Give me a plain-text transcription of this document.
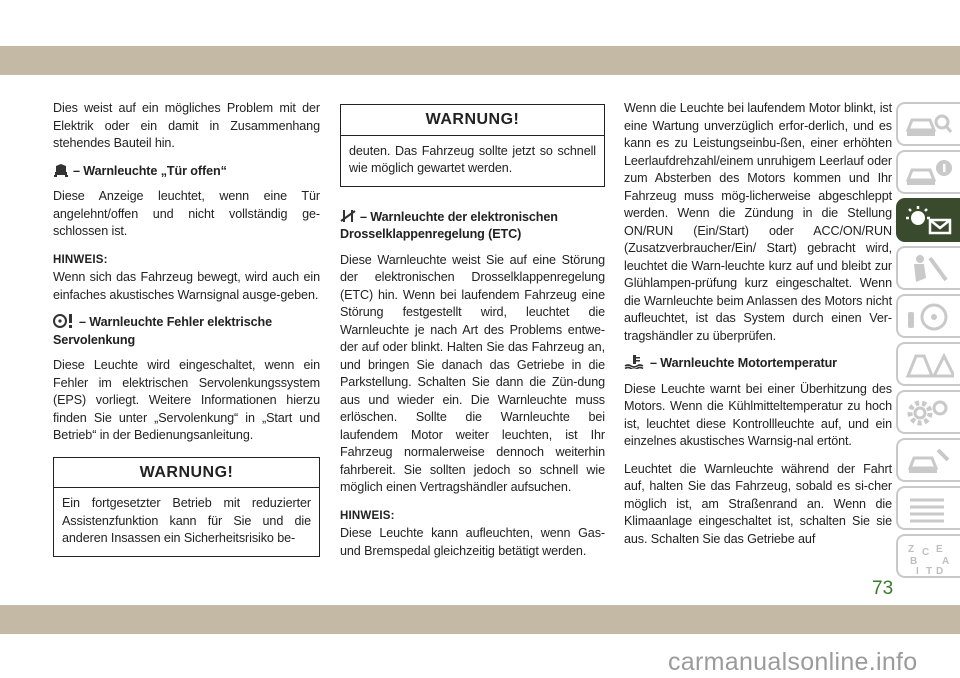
Dies weist auf ein mögliches Problem mit der Elektrik oder ein damit in Zusammenhang stehendes Bauteil hin.

– Warnleuchte „Tür offen“

Diese Anzeige leuchtet, wenn eine Tür angelehnt/offen und nicht vollständig ge-schlossen ist.

HINWEIS:

Wenn sich das Fahrzeug bewegt, wird auch ein einfaches akustisches Warnsignal ausge-geben.

– Warnleuchte Fehler elektrische Servolenkung

Diese Leuchte wird eingeschaltet, wenn ein Fehler im elektrischen Servolenkungssystem (EPS) vorliegt. Weitere Informationen hierzu finden Sie unter „Servolenkung“ in „Start und Betrieb“ in der Bedienungsanleitung.

WARNUNG!
Ein fortgesetzter Betrieb mit reduzierter Assistenzfunktion kann für Sie und die anderen Insassen ein Sicherheitsrisiko be-
WARNUNG!
deuten. Das Fahrzeug sollte jetzt so schnell wie möglich gewartet werden.
– Warnleuchte der elektronischen Drosselklappenregelung (ETC)

Diese Warnleuchte weist Sie auf eine Störung der elektronischen Drosselklappenregelung (ETC) hin. Wenn bei laufendem Fahrzeug eine Störung festgestellt wird, leuchtet die Warnleuchte je nach Art des Problems entwe-der auf oder blinkt. Halten Sie das Fahrzeug an, und bringen Sie danach das Getriebe in die Parkstellung. Schalten Sie dann die Zün-dung aus und wieder ein. Die Warnleuchte muss erlöschen. Sollte die Warnleuchte bei laufendem Motor weiter leuchten, ist Ihr Fahrzeug normalerweise dennoch weiterhin fahrbereit. Sie sollten jedoch so schnell wie möglich einen Vertragshändler aufsuchen.

HINWEIS:

Diese Leuchte kann aufleuchten, wenn Gas- und Bremspedal gleichzeitig betätigt werden.

Wenn die Leuchte bei laufendem Motor blinkt, ist eine Wartung unverzüglich erfor-derlich, und es kann es zu Leistungseinbu-ßen, einer erhöhten Leerlaufdrehzahl/einem unruhigem Leerlauf oder zum Absterben des Motors kommen und Ihr Fahrzeug muss mög-licherweise abgeschleppt werden. Wenn die Zündung in die Stellung ON/RUN (Ein/Start) oder ACC/ON/RUN (Zusatzverbraucher/Ein/ Start) gebracht wird, leuchtet die Warn-leuchte kurz auf und bleibt zur Glühlampen-prüfung kurz eingeschaltet. Wenn die Warnleuchte beim Anlassen des Motors nicht aufleuchtet, ist das System durch einen Ver-tragshändler zu überprüfen.

– Warnleuchte Motortemperatur

Diese Leuchte warnt bei einer Überhitzung des Motors. Wenn die Kühlmitteltemperatur zu hoch ist, leuchtet diese Kontrollleuchte auf, und ein einzelnes akustisches Warnsig-nal ertönt.

Leuchtet die Warnleuchte während der Fahrt auf, halten Sie das Fahrzeug, sobald es si-cher möglich ist, am Straßenrand an. Wenn die Klimaanlage eingeschaltet ist, schalten Sie sie aus. Schalten Sie das Getriebe auf

Z C E
B A
I T D
73
carmanualsonline.info
